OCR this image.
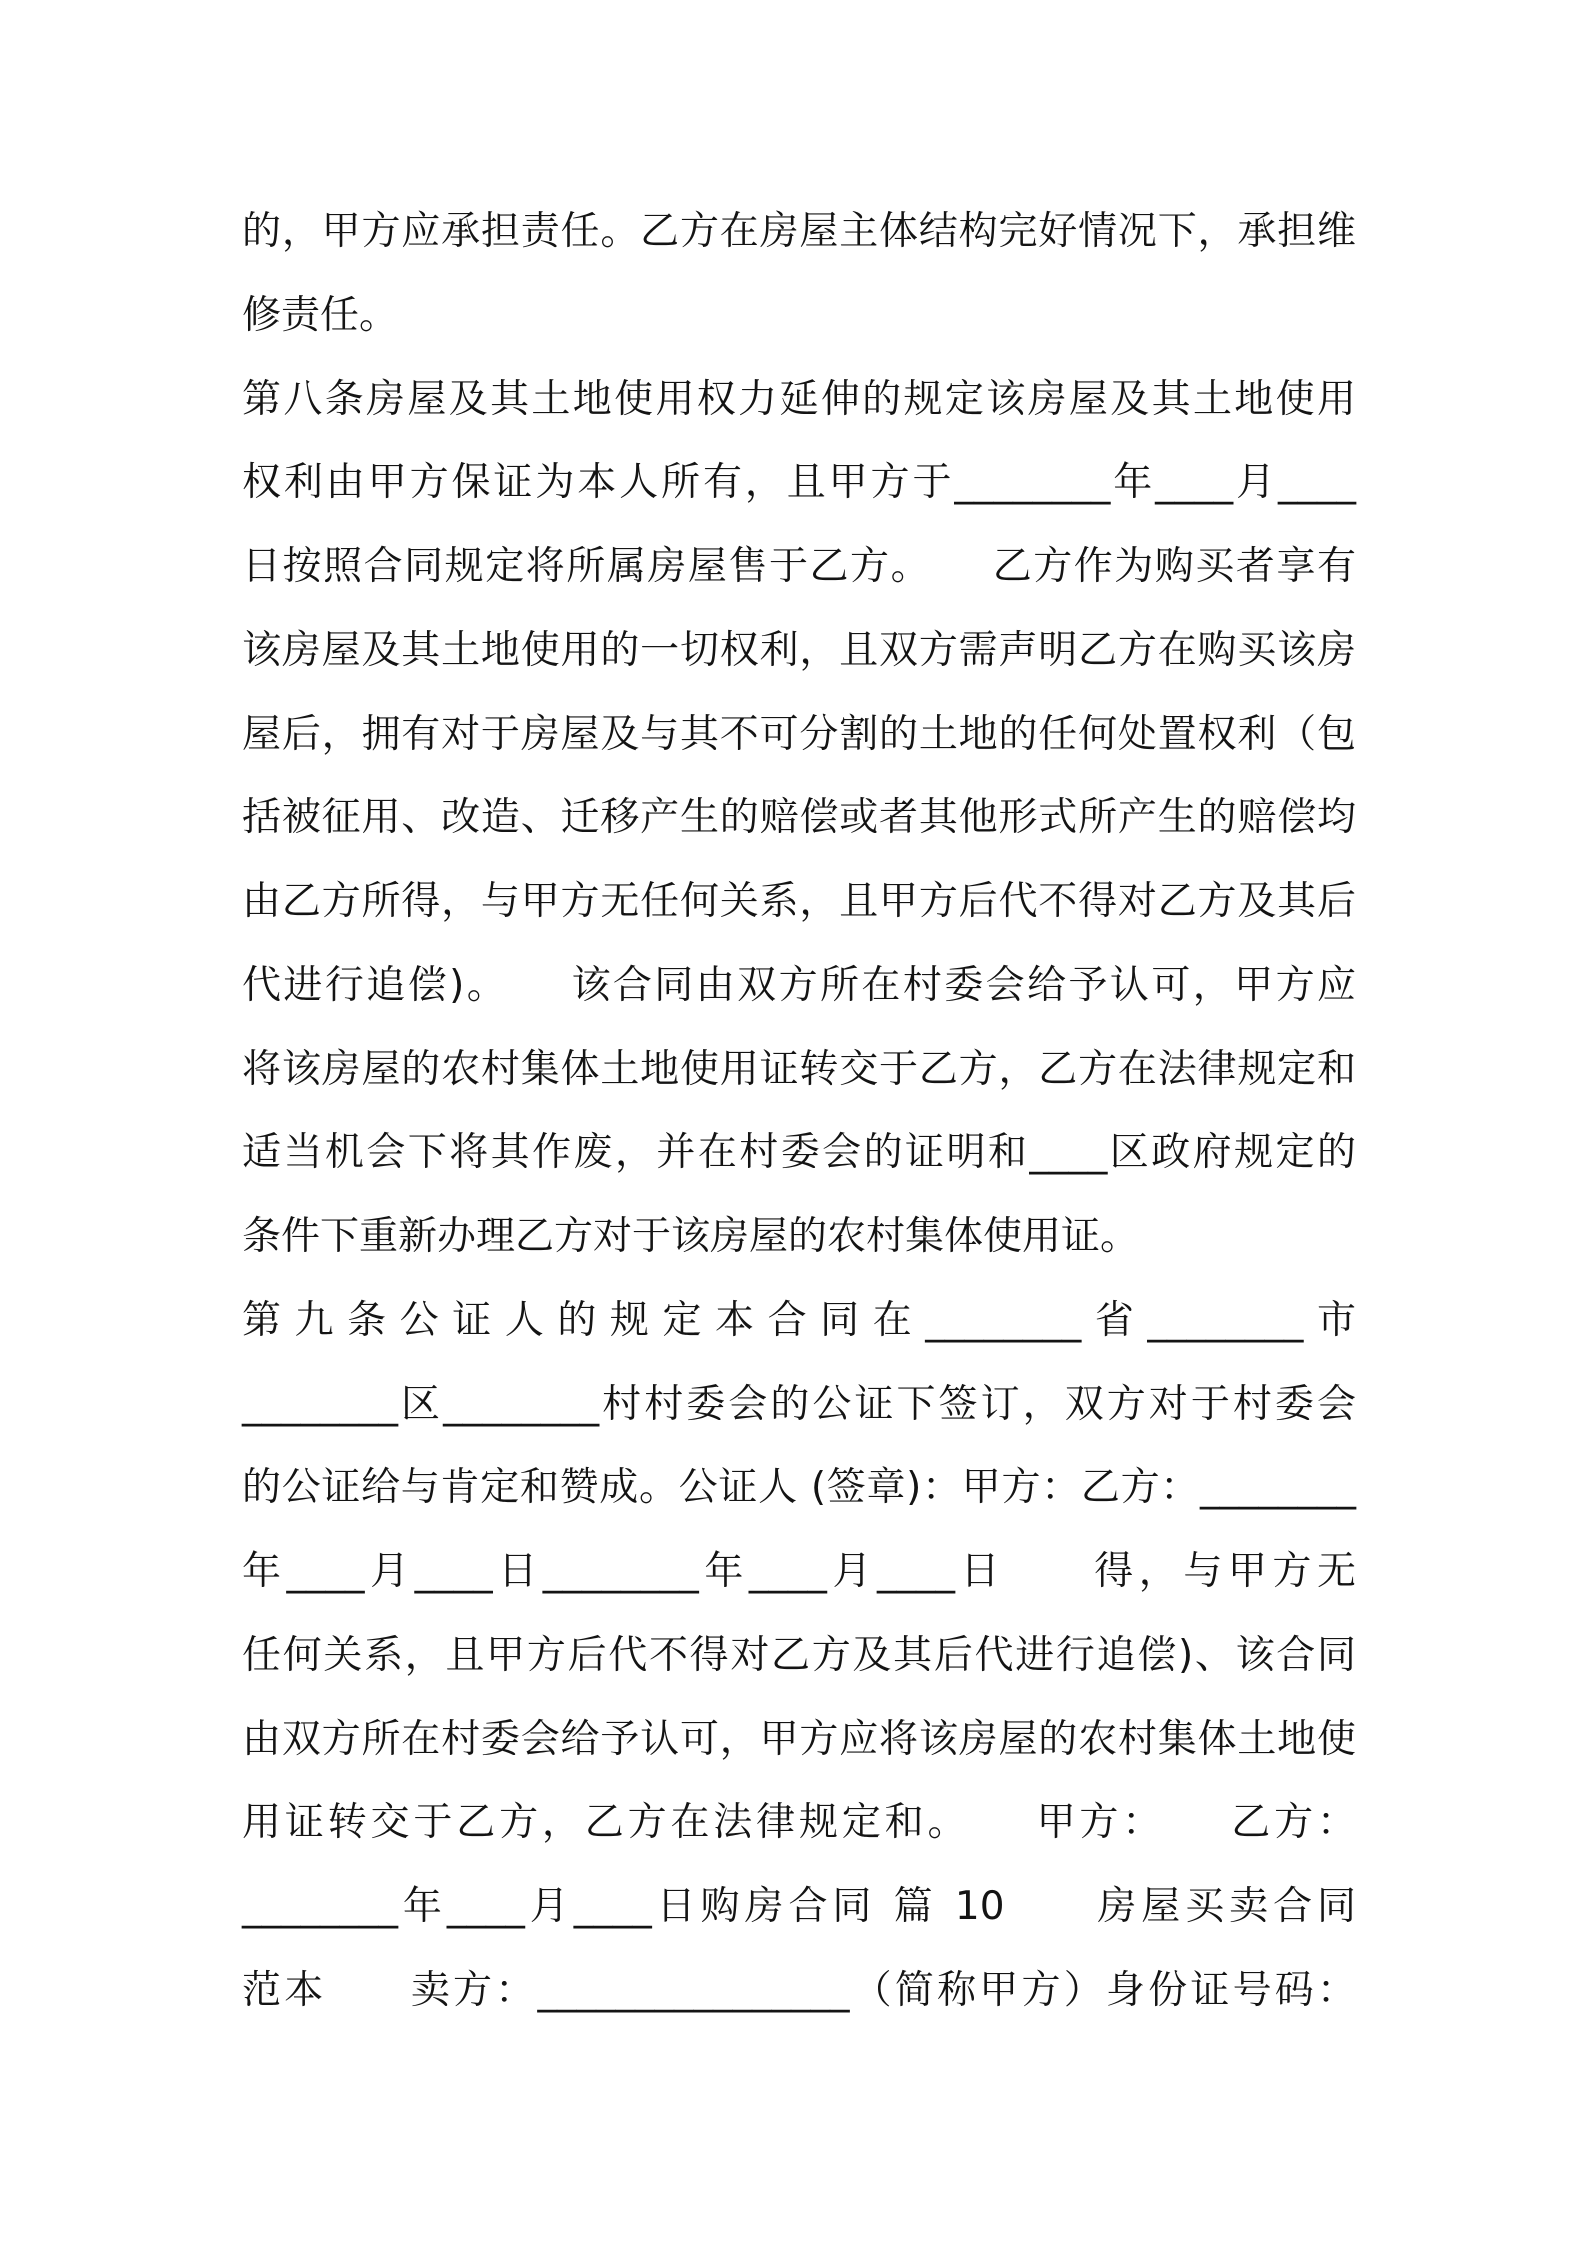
的，甲方应承担责任。乙方在房屋主体结构完好情况下，承担维
修责任。
第八条房屋及其土地使用权力延伸的规定该房屋及其土地使用
权利由甲方保证为本人所有，且甲方于________年____月____
日按照合同规定将所属房屋售于乙方。　　乙方作为购买者享有
该房屋及其土地使用的一切权利，且双方需声明乙方在购买该房
屋后，拥有对于房屋及与其不可分割的土地的任何处置权利（包
括被征用、改造、迁移产生的赔偿或者其他形式所产生的赔偿均
由乙方所得，与甲方无任何关系，且甲方后代不得对乙方及其后
代进行追偿)。　　该合同由双方所在村委会给予认可，甲方应
将该房屋的农村集体土地使用证转交于乙方，乙方在法律规定和
适当机会下将其作废，并在村委会的证明和____区政府规定的
条件下重新办理乙方对于该房屋的农村集体使用证。
第九条公证人的规定本合同在________省________市
________区________村村委会的公证下签订，双方对于村委会
的公证给与肯定和赞成。公证人 (签章)：甲方：乙方：________
年____月____日________年____月____日　　得，与甲方无
任何关系，且甲方后代不得对乙方及其后代进行追偿)、该合同
由双方所在村委会给予认可，甲方应将该房屋的农村集体土地使
用证转交于乙方，乙方在法律规定和。　　甲方：　　乙方：
________年____月____日购房合同 篇 10　　房屋买卖合同
范本　　卖方：________________（简称甲方）身份证号码：
